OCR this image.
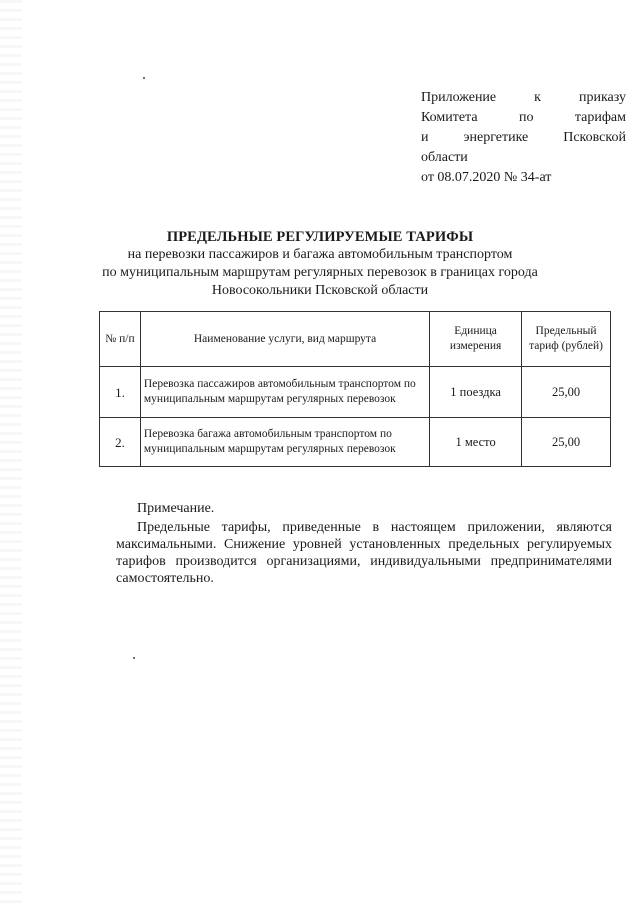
Приложение	к	приказу
Комитета	по	тарифам
и энергетике Псковской
области
от 08.07.2020 № 34-ат
ПРЕДЕЛЬНЫЕ РЕГУЛИРУЕМЫЕ ТАРИФЫ
на перевозки пассажиров и багажа автомобильным транспортом
по муниципальным маршрутам регулярных перевозок в границах города
Новосокольники Псковской области
№ п/п	Наименование услуги, вид маршрута	Единица измерения	Предельный тариф (рублей)
1.	Перевозка пассажиров автомобильным транспортом по муниципальным маршрутам регулярных перевозок	1 поездка	25,00
2.	Перевозка багажа автомобильным транспортом по муниципальным маршрутам регулярных перевозок	1 место	25,00
Примечание.

Предельные тарифы, приведенные в настоящем приложении, являются максимальными. Снижение уровней установленных предельных регулируемых тарифов производится организациями, индивидуальными предпринимателями самостоятельно.
